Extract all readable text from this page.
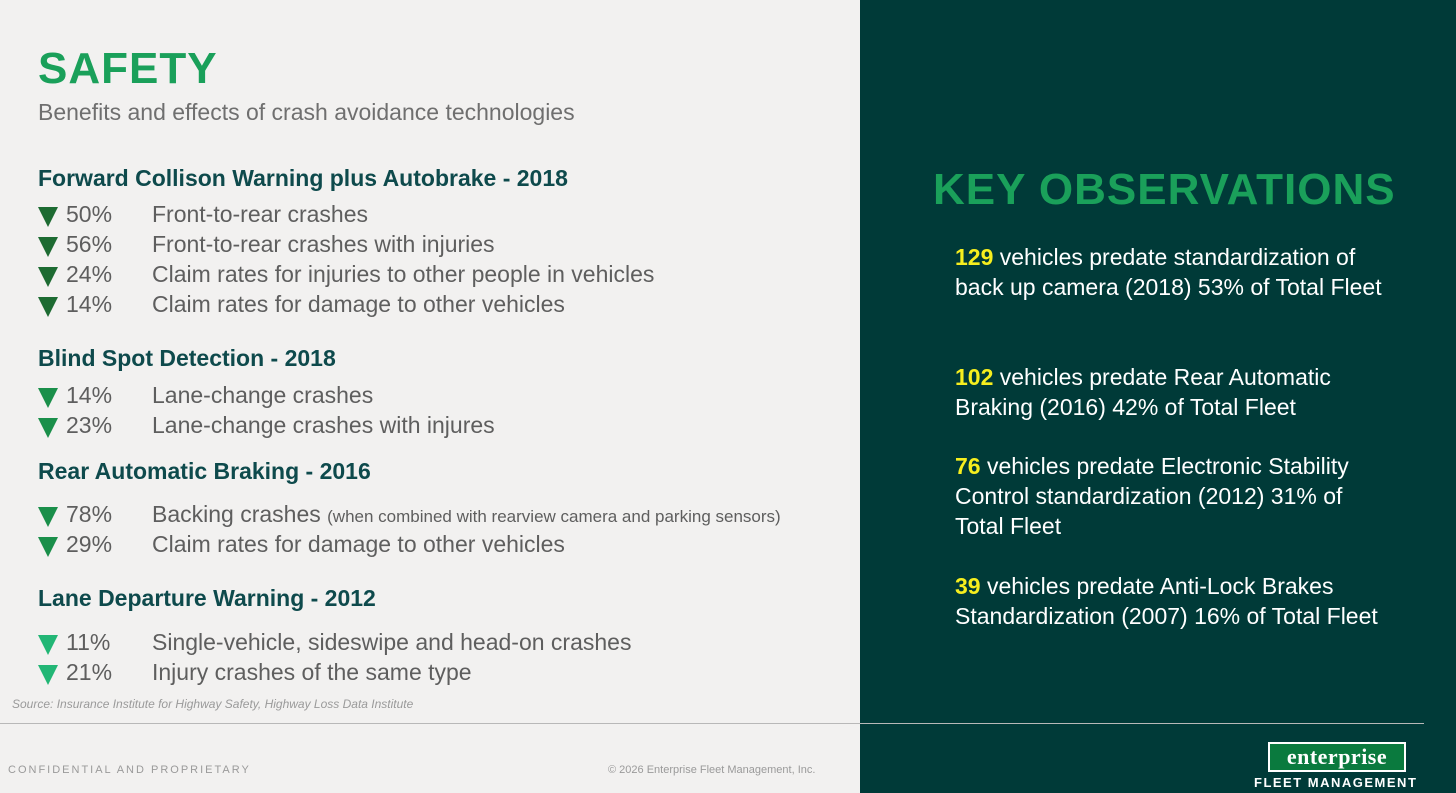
SAFETY
Benefits and effects of crash avoidance technologies
Forward Collison Warning plus Autobrake - 2018
50% Front-to-rear crashes
56% Front-to-rear crashes with injuries
24% Claim rates for injuries to other people in vehicles
14% Claim rates for damage to other vehicles
Blind Spot Detection - 2018
14% Lane-change crashes
23% Lane-change crashes with injures
Rear Automatic Braking - 2016
78% Backing crashes (when combined with rearview camera and parking sensors)
29% Claim rates for damage to other vehicles
Lane Departure Warning - 2012
11% Single-vehicle, sideswipe and head-on crashes
21% Injury crashes of the same type
Source: Insurance Institute for Highway Safety, Highway Loss Data Institute
CONFIDENTIAL AND PROPRIETARY	© 2026 Enterprise Fleet Management, Inc.
KEY OBSERVATIONS
129 vehicles predate standardization of back up camera (2018) 53% of Total Fleet
102 vehicles predate Rear Automatic Braking (2016) 42% of Total Fleet
76 vehicles predate Electronic Stability Control standardization (2012) 31% of Total Fleet
39 vehicles predate Anti-Lock Brakes Standardization (2007) 16% of Total Fleet
enterprise
FLEET MANAGEMENT
